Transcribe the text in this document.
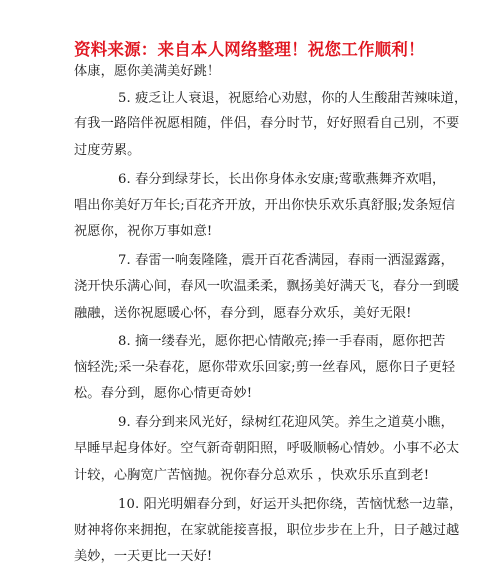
资料来源：来自本人网络整理！祝您工作顺利！
体康，愿你美满美好跳！
5. 疲乏让人衰退，祝愿给心劝慰，你的人生酸甜苦辣味道，
有我一路陪伴祝愿相随，伴侣，春分时节，好好照看自己别，不要
过度劳累。
6. 春分到绿芽长，长出你身体永安康;莺歌燕舞齐欢唱，
唱出你美好万年长;百花齐开放，开出你快乐欢乐真舒服;发条短信
祝愿你，祝你万事如意!
7. 春雷一响轰隆隆，震开百花香满园，春雨一洒湿露露，
浇开快乐满心间，春风一吹温柔柔，飘扬美好满天飞，春分一到暖
融融，送你祝愿暖心怀，春分到，愿春分欢乐，美好无限!
8. 摘一缕春光，愿你把心情敞亮;捧一手春雨，愿你把苦
恼轻洗;采一朵春花，愿你带欢乐回家;剪一丝春风，愿你日子更轻
松。春分到，愿你心情更奇妙!
9. 春分到来风光好，绿树红花迎风笑。养生之道莫小瞧，
早睡早起身体好。空气新奇朝阳照，呼吸顺畅心情妙。小事不必太
计较，心胸宽广苦恼抛。祝你春分总欢乐 ，快欢乐乐直到老!
10. 阳光明媚春分到，好运开头把你绕，苦恼忧愁一边靠，
财神将你来拥抱，在家就能接喜报，职位步步在上升，日子越过越
美妙，一天更比一天好!
